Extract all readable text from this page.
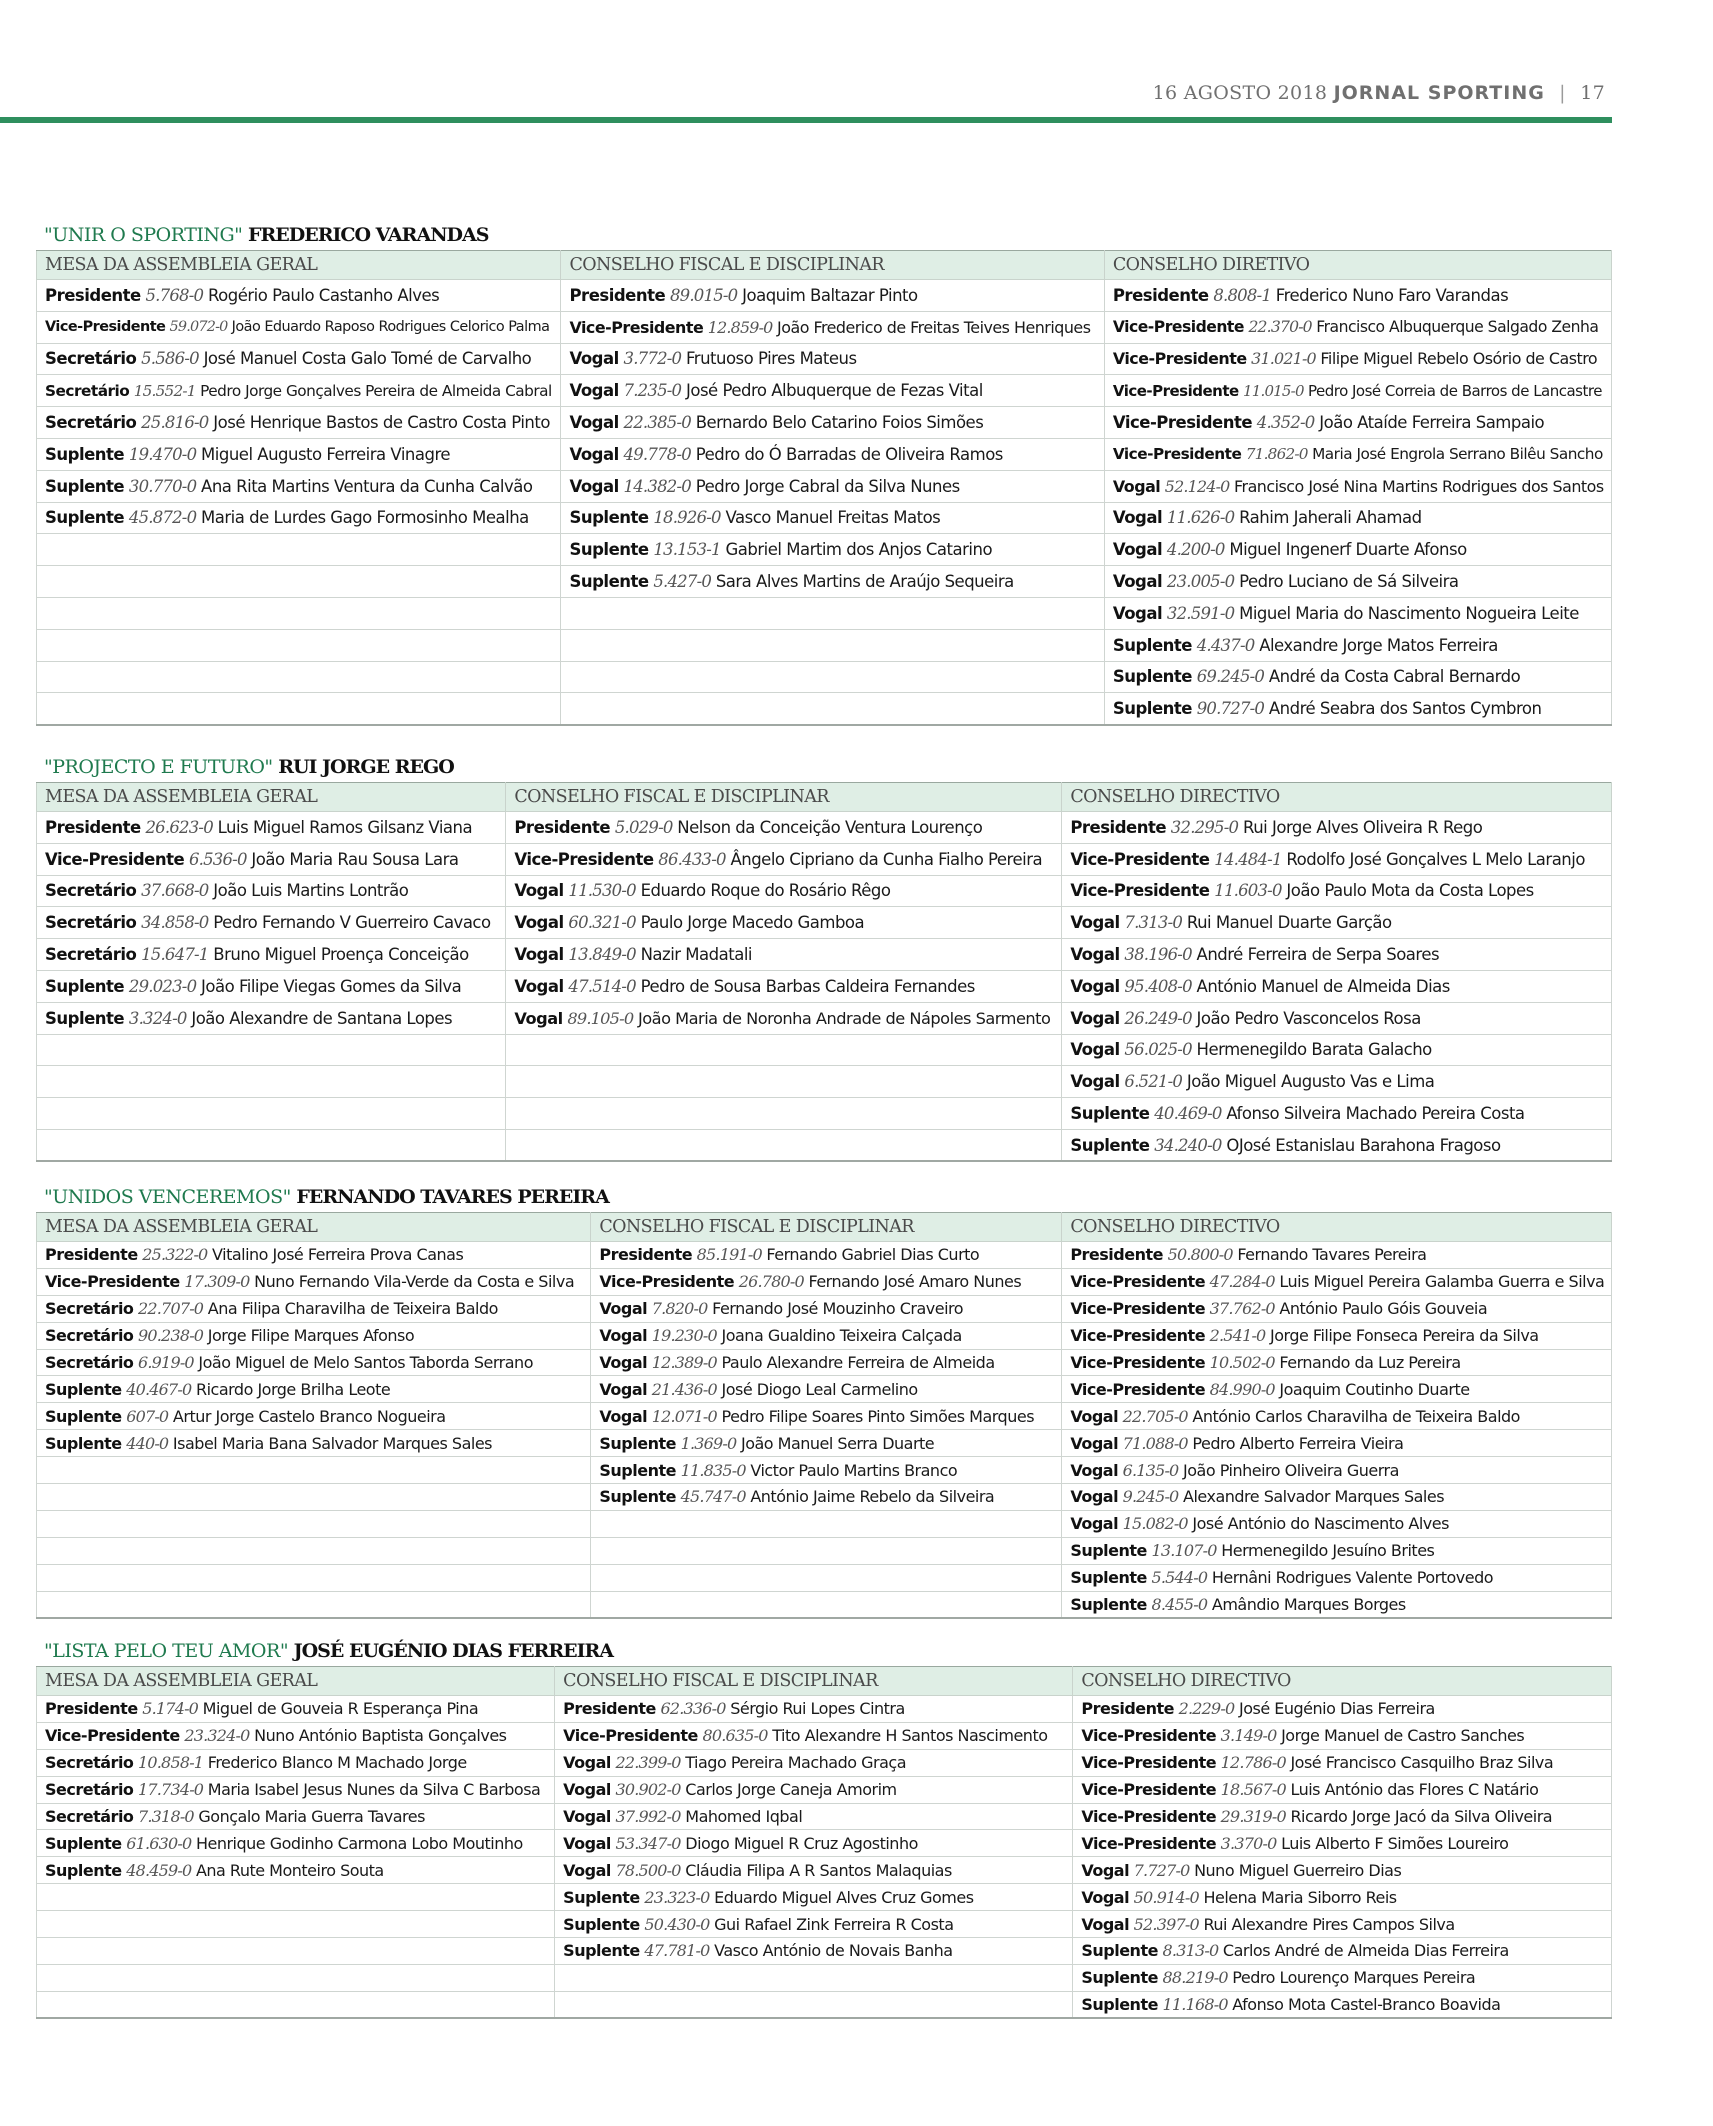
16 AGOSTO 2018 JORNAL SPORTING | 17
"UNIR O SPORTING" FREDERICO VARANDAS
MESA DA ASSEMBLEIA GERAL	CONSELHO FISCAL E DISCIPLINAR	CONSELHO DIRETIVO
Presidente 5.768-0 Rogério Paulo Castanho Alves	Presidente 89.015-0 Joaquim Baltazar Pinto	Presidente 8.808-1 Frederico Nuno Faro Varandas
Vice-Presidente 59.072-0 João Eduardo Raposo Rodrigues Celorico Palma	Vice-Presidente 12.859-0 João Frederico de Freitas Teives Henriques	Vice-Presidente 22.370-0 Francisco Albuquerque Salgado Zenha
Secretário 5.586-0 José Manuel Costa Galo Tomé de Carvalho	Vogal 3.772-0 Frutuoso Pires Mateus	Vice-Presidente 31.021-0 Filipe Miguel Rebelo Osório de Castro
Secretário 15.552-1 Pedro Jorge Gonçalves Pereira de Almeida Cabral	Vogal 7.235-0 José Pedro Albuquerque de Fezas Vital	Vice-Presidente 11.015-0 Pedro José Correia de Barros de Lancastre
Secretário 25.816-0 José Henrique Bastos de Castro Costa Pinto	Vogal 22.385-0 Bernardo Belo Catarino Foios Simões	Vice-Presidente 4.352-0 João Ataíde Ferreira Sampaio
Suplente 19.470-0 Miguel Augusto Ferreira Vinagre	Vogal 49.778-0 Pedro do Ó Barradas de Oliveira Ramos	Vice-Presidente 71.862-0 Maria José Engrola Serrano Bilêu Sancho
Suplente 30.770-0 Ana Rita Martins Ventura da Cunha Calvão	Vogal 14.382-0 Pedro Jorge Cabral da Silva Nunes	Vogal 52.124-0 Francisco José Nina Martins Rodrigues dos Santos
Suplente 45.872-0 Maria de Lurdes Gago Formosinho Mealha	Suplente 18.926-0 Vasco Manuel Freitas Matos	Vogal 11.626-0 Rahim Jaherali Ahamad
	Suplente 13.153-1 Gabriel Martim dos Anjos Catarino	Vogal 4.200-0 Miguel Ingenerf Duarte Afonso
	Suplente 5.427-0 Sara Alves Martins de Araújo Sequeira	Vogal 23.005-0 Pedro Luciano de Sá Silveira
		Vogal 32.591-0 Miguel Maria do Nascimento Nogueira Leite
		Suplente 4.437-0 Alexandre Jorge Matos Ferreira
		Suplente 69.245-0 André da Costa Cabral Bernardo
		Suplente 90.727-0 André Seabra dos Santos Cymbron
"PROJECTO E FUTURO" RUI JORGE REGO
MESA DA ASSEMBLEIA GERAL	CONSELHO FISCAL E DISCIPLINAR	CONSELHO DIRECTIVO
Presidente 26.623-0 Luis Miguel Ramos Gilsanz Viana	Presidente 5.029-0 Nelson da Conceição Ventura Lourenço	Presidente 32.295-0 Rui Jorge Alves Oliveira R Rego
Vice-Presidente 6.536-0 João Maria Rau Sousa Lara	Vice-Presidente 86.433-0 Ângelo Cipriano da Cunha Fialho Pereira	Vice-Presidente 14.484-1 Rodolfo José Gonçalves L Melo Laranjo
Secretário 37.668-0 João Luis Martins Lontrão	Vogal 11.530-0 Eduardo Roque do Rosário Rêgo	Vice-Presidente 11.603-0 João Paulo Mota da Costa Lopes
Secretário 34.858-0 Pedro Fernando V Guerreiro Cavaco	Vogal 60.321-0 Paulo Jorge Macedo Gamboa	Vogal 7.313-0 Rui Manuel Duarte Garção
Secretário 15.647-1 Bruno Miguel Proença Conceição	Vogal 13.849-0 Nazir Madatali	Vogal 38.196-0 André Ferreira de Serpa Soares
Suplente 29.023-0 João Filipe Viegas Gomes da Silva	Vogal 47.514-0 Pedro de Sousa Barbas Caldeira Fernandes	Vogal 95.408-0 António Manuel de Almeida Dias
Suplente 3.324-0 João Alexandre de Santana Lopes	Vogal 89.105-0 João Maria de Noronha Andrade de Nápoles Sarmento	Vogal 26.249-0 João Pedro Vasconcelos Rosa
		Vogal 56.025-0 Hermenegildo Barata Galacho
		Vogal 6.521-0 João Miguel Augusto Vas e Lima
		Suplente 40.469-0 Afonso Silveira Machado Pereira Costa
		Suplente 34.240-0 OJosé Estanislau Barahona Fragoso
"UNIDOS VENCEREMOS" FERNANDO TAVARES PEREIRA
MESA DA ASSEMBLEIA GERAL	CONSELHO FISCAL E DISCIPLINAR	CONSELHO DIRECTIVO
Presidente 25.322-0 Vitalino José Ferreira Prova Canas	Presidente 85.191-0 Fernando Gabriel Dias Curto	Presidente 50.800-0 Fernando Tavares Pereira
Vice-Presidente 17.309-0 Nuno Fernando Vila-Verde da Costa e Silva	Vice-Presidente 26.780-0 Fernando José Amaro Nunes	Vice-Presidente 47.284-0 Luis Miguel Pereira Galamba Guerra e Silva
Secretário 22.707-0 Ana Filipa Charavilha de Teixeira Baldo	Vogal 7.820-0 Fernando José Mouzinho Craveiro	Vice-Presidente 37.762-0 António Paulo Góis Gouveia
Secretário 90.238-0 Jorge Filipe Marques Afonso	Vogal 19.230-0 Joana Gualdino Teixeira Calçada	Vice-Presidente 2.541-0 Jorge Filipe Fonseca Pereira da Silva
Secretário 6.919-0 João Miguel de Melo Santos Taborda Serrano	Vogal 12.389-0 Paulo Alexandre Ferreira de Almeida	Vice-Presidente 10.502-0 Fernando da Luz Pereira
Suplente 40.467-0 Ricardo Jorge Brilha Leote	Vogal 21.436-0 José Diogo Leal Carmelino	Vice-Presidente 84.990-0 Joaquim Coutinho Duarte
Suplente 607-0 Artur Jorge Castelo Branco Nogueira	Vogal 12.071-0 Pedro Filipe Soares Pinto Simões Marques	Vogal 22.705-0 António Carlos Charavilha de Teixeira Baldo
Suplente 440-0 Isabel Maria Bana Salvador Marques Sales	Suplente 1.369-0 João Manuel Serra Duarte	Vogal 71.088-0 Pedro Alberto Ferreira Vieira
	Suplente 11.835-0 Victor Paulo Martins Branco	Vogal 6.135-0 João Pinheiro Oliveira Guerra
	Suplente 45.747-0 António Jaime Rebelo da Silveira	Vogal 9.245-0 Alexandre Salvador Marques Sales
		Vogal 15.082-0 José António do Nascimento Alves
		Suplente 13.107-0 Hermenegildo Jesuíno Brites
		Suplente 5.544-0 Hernâni Rodrigues Valente Portovedo
		Suplente 8.455-0 Amândio Marques Borges
"LISTA PELO TEU AMOR" JOSÉ EUGÉNIO DIAS FERREIRA
MESA DA ASSEMBLEIA GERAL	CONSELHO FISCAL E DISCIPLINAR	CONSELHO DIRECTIVO
Presidente 5.174-0 Miguel de Gouveia R Esperança Pina	Presidente 62.336-0 Sérgio Rui Lopes Cintra	Presidente 2.229-0 José Eugénio Dias Ferreira
Vice-Presidente 23.324-0 Nuno António Baptista Gonçalves	Vice-Presidente 80.635-0 Tito Alexandre H Santos Nascimento	Vice-Presidente 3.149-0 Jorge Manuel de Castro Sanches
Secretário 10.858-1 Frederico Blanco M Machado Jorge	Vogal 22.399-0 Tiago Pereira Machado Graça	Vice-Presidente 12.786-0 José Francisco Casquilho Braz Silva
Secretário 17.734-0 Maria Isabel Jesus Nunes da Silva C Barbosa	Vogal 30.902-0 Carlos Jorge Caneja Amorim	Vice-Presidente 18.567-0 Luis António das Flores C Natário
Secretário 7.318-0 Gonçalo Maria Guerra Tavares	Vogal 37.992-0 Mahomed Iqbal	Vice-Presidente 29.319-0 Ricardo Jorge Jacó da Silva Oliveira
Suplente 61.630-0 Henrique Godinho Carmona Lobo Moutinho	Vogal 53.347-0 Diogo Miguel R Cruz Agostinho	Vice-Presidente 3.370-0 Luis Alberto F Simões Loureiro
Suplente 48.459-0 Ana Rute Monteiro Souta	Vogal 78.500-0 Cláudia Filipa A R Santos Malaquias	Vogal 7.727-0 Nuno Miguel Guerreiro Dias
	Suplente 23.323-0 Eduardo Miguel Alves Cruz Gomes	Vogal 50.914-0 Helena Maria Siborro Reis
	Suplente 50.430-0 Gui Rafael Zink Ferreira R Costa	Vogal 52.397-0 Rui Alexandre Pires Campos Silva
	Suplente 47.781-0 Vasco António de Novais Banha	Suplente 8.313-0 Carlos André de Almeida Dias Ferreira
		Suplente 88.219-0 Pedro Lourenço Marques Pereira
		Suplente 11.168-0 Afonso Mota Castel-Branco Boavida
